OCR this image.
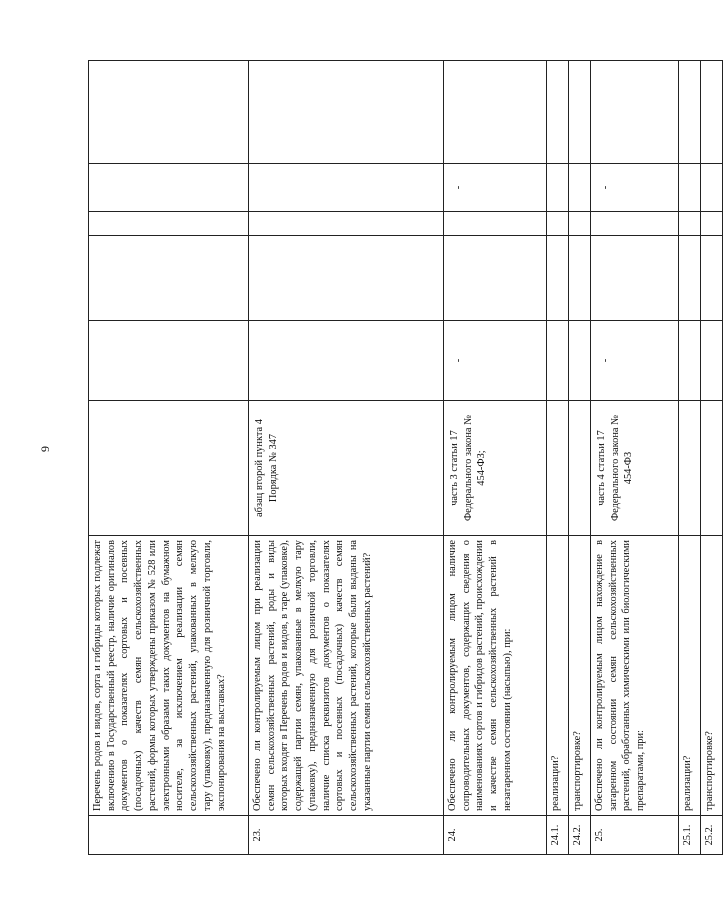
9
	Перечень родов и видов, сорта и гибриды которых подлежат включению в Государственный реестр, наличие оригиналов документов о показателях сортовых и посевных (посадочных) качеств семян сельскохозяйственных растений, формы которых утверждены приказом № 528 или электронными образами таких документов на бумажном носителе, за исключением реализации семян сельскохозяйственных растений, упакованных в мелкую тару (упаковку), предназначенную для розничной торговли, экспонирования на выставках?						
23.	Обеспечено ли контролируемым лицом при реализации семян сельскохозяйственных растений, роды и виды которых входят в Перечень родов и видов, в таре (упаковке), содержащей партии семян, упакованные в мелкую тару (упаковку), предназначенную для розничной торговли, наличие списка реквизитов документов о показателях сортовых и посевных (посадочных) качеств семян сельскохозяйственных растений, которые были выданы на указанные партии семян сельскохозяйственных растений?	абзац второй пункта 4 Порядка № 347					
24.	Обеспечено ли контролируемым лицом наличие сопроводительных документов, содержащих сведения о наименованиях сортов и гибридов растений, происхождении и качестве семян сельскохозяйственных растений в незатаренном состоянии (насыпью), при:	часть 3 статьи 17 Федерального закона № 454-ФЗ;	-			-	
24.1.	реализации?						
24.2.	транспортировке?						
25.	Обеспечено ли контролируемым лицом нахождение в затаренном состоянии семян сельскохозяйственных растений, обработанных химическими или биологическими препаратами, при:	часть 4 статьи 17 Федерального закона № 454-ФЗ	-			-	
25.1.	реализации?						
25.2.	транспортировке?						
